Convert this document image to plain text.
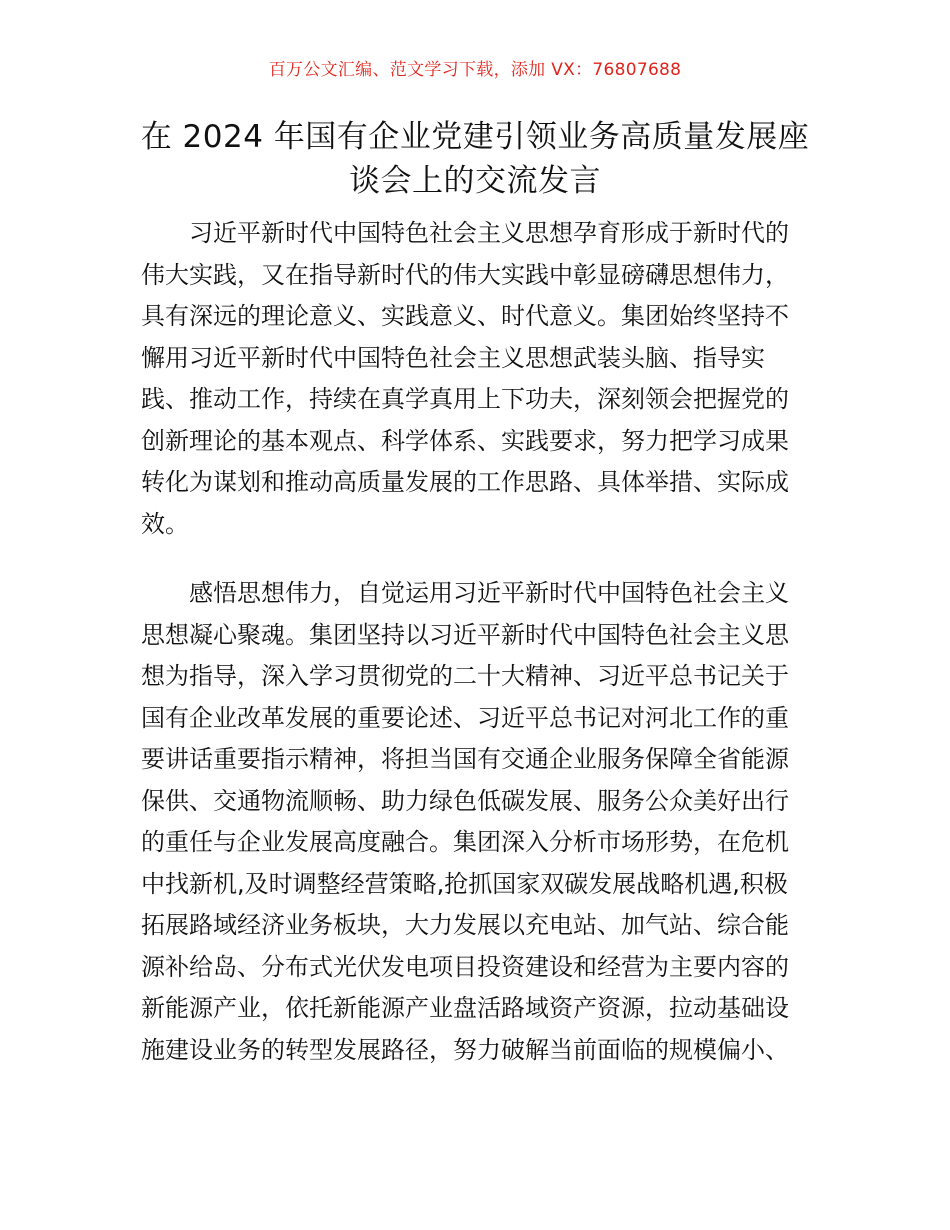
百万公文汇编、范文学习下载，添加 VX：76807688
在 2024 年国有企业党建引领业务高质量发展座
谈会上的交流发言

习近平新时代中国特色社会主义思想孕育形成于新时代的伟大实践，又在指导新时代的伟大实践中彰显磅礴思想伟力，具有深远的理论意义、实践意义、时代意义。集团始终坚持不懈用习近平新时代中国特色社会主义思想武装头脑、指导实践、推动工作，持续在真学真用上下功夫，深刻领会把握党的创新理论的基本观点、科学体系、实践要求，努力把学习成果转化为谋划和推动高质量发展的工作思路、具体举措、实际成效。

感悟思想伟力，自觉运用习近平新时代中国特色社会主义思想凝心聚魂。集团坚持以习近平新时代中国特色社会主义思想为指导，深入学习贯彻党的二十大精神、习近平总书记关于国有企业改革发展的重要论述、习近平总书记对河北工作的重要讲话重要指示精神，将担当国有交通企业服务保障全省能源保供、交通物流顺畅、助力绿色低碳发展、服务公众美好出行的重任与企业发展高度融合。集团深入分析市场形势，在危机中找新机,及时调整经营策略,抢抓国家双碳发展战略机遇,积极拓展路域经济业务板块，大力发展以充电站、加气站、综合能源补给岛、分布式光伏发电项目投资建设和经营为主要内容的新能源产业，依托新能源产业盘活路域资产资源，拉动基础设施建设业务的转型发展路径，努力破解当前面临的规模偏小、
